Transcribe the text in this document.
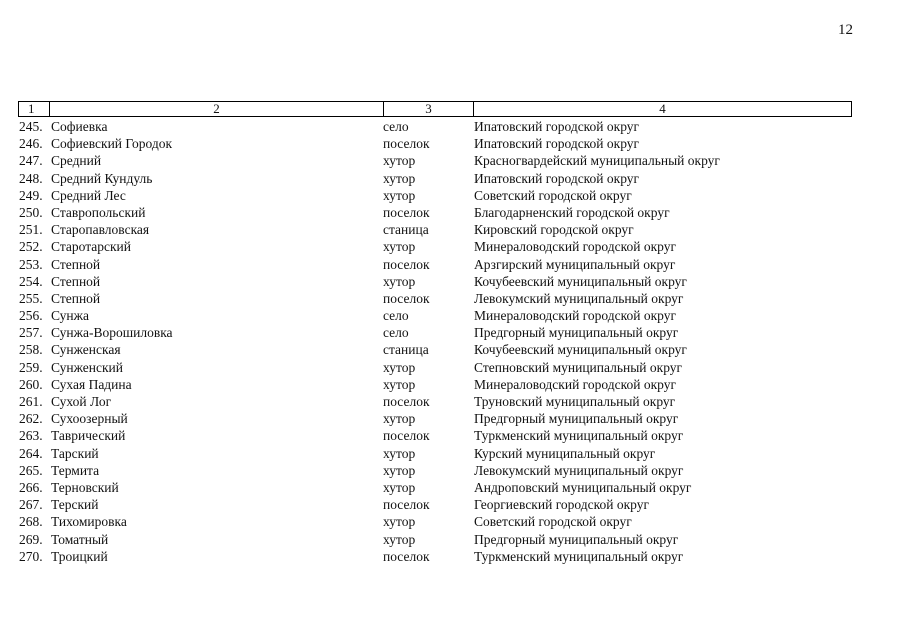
12
1	2	3	4
245. Софиевка	село	Ипатовский городской округ
246. Софиевский Городок	поселок	Ипатовский городской округ
247. Средний	хутор	Красногвардейский муниципальный округ
248. Средний Кундуль	хутор	Ипатовский городской округ
249. Средний Лес	хутор	Советский городской округ
250. Ставропольский	поселок	Благодарненский городской округ
251. Старопавловская	станица	Кировский городской округ
252. Старотарский	хутор	Минераловодский городской округ
253. Степной	поселок	Арзгирский муниципальный округ
254. Степной	хутор	Кочубеевский муниципальный округ
255. Степной	поселок	Левокумский муниципальный округ
256. Сунжа	село	Минераловодский городской округ
257. Сунжа-Ворошиловка	село	Предгорный муниципальный округ
258. Сунженская	станица	Кочубеевский муниципальный округ
259. Сунженский	хутор	Степновский муниципальный округ
260. Сухая Падина	хутор	Минераловодский городской округ
261. Сухой Лог	поселок	Труновский муниципальный округ
262. Сухоозерный	хутор	Предгорный муниципальный округ
263. Таврический	поселок	Туркменский муниципальный округ
264. Тарский	хутор	Курский муниципальный округ
265. Термита	хутор	Левокумский муниципальный округ
266. Терновский	хутор	Андроповский муниципальный округ
267. Терский	поселок	Георгиевский городской округ
268. Тихомировка	хутор	Советский городской округ
269. Томатный	хутор	Предгорный муниципальный округ
270. Троицкий	поселок	Туркменский муниципальный округ
